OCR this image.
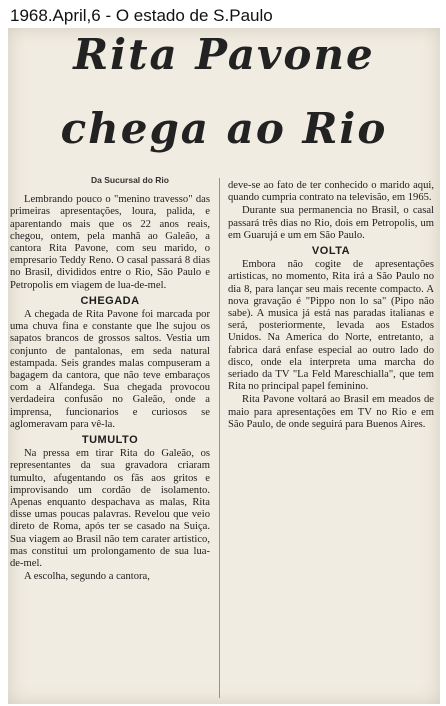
1968.April,6 - O estado de S.Paulo
Rita Pavone
chega ao Rio
Da Sucursal do Rio

Lembrando pouco o "menino travesso" das primeiras apresentações, loura, palida, e aparentando mais que os 22 anos reais, chegou, ontem, pela manhã ao Galeão, a cantora Rita Pavone, com seu marido, o empresario Teddy Reno. O casal passará 8 dias no Brasil, divididos entre o Rio, São Paulo e Petropolis em viagem de lua-de-mel.

CHEGADA

A chegada de Rita Pavone foi marcada por uma chuva fina e constante que lhe sujou os sapatos brancos de grossos saltos. Vestia um conjunto de pantalonas, em seda natural estampada. Seis grandes malas compuseram a bagagem da cantora, que não teve embaraços com a Alfandega. Sua chegada provocou verdadeira confusão no Galeão, onde a imprensa, funcionarios e curiosos se aglomeravam para vê-la.

TUMULTO

Na pressa em tirar Rita do Galeão, os representantes da sua gravadora criaram tumulto, afugentando os fãs aos gritos e improvisando um cordão de isolamento. Apenas enquanto despachava as malas, Rita disse umas poucas palavras. Revelou que veio direto de Roma, após ter se casado na Suiça. Sua viagem ao Brasil não tem carater artistico, mas constitui um prolongamento de sua lua-de-mel.

A escolha, segundo a cantora,

deve-se ao fato de ter conhecido o marido aqui, quando cumpria contrato na televisão, em 1965.

Durante sua permanencia no Brasil, o casal passará três dias no Rio, dois em Petropolis, um em Guarujá e um em São Paulo.

VOLTA

Embora não cogite de apresentações artisticas, no momento, Rita irá a São Paulo no dia 8, para lançar seu mais recente compacto. A nova gravação é "Pippo non lo sa" (Pipo não sabe). A musica já está nas paradas italianas e será, posteriormente, levada aos Estados Unidos. Na America do Norte, entretanto, a fabrica dará enfase especial ao outro lado do disco, onde ela interpreta uma marcha do seriado da TV "La Feld Mareschialla", que tem Rita no principal papel feminino.

Rita Pavone voltará ao Brasil em meados de maio para apresentações em TV no Rio e em São Paulo, de onde seguirá para Buenos Aires.
